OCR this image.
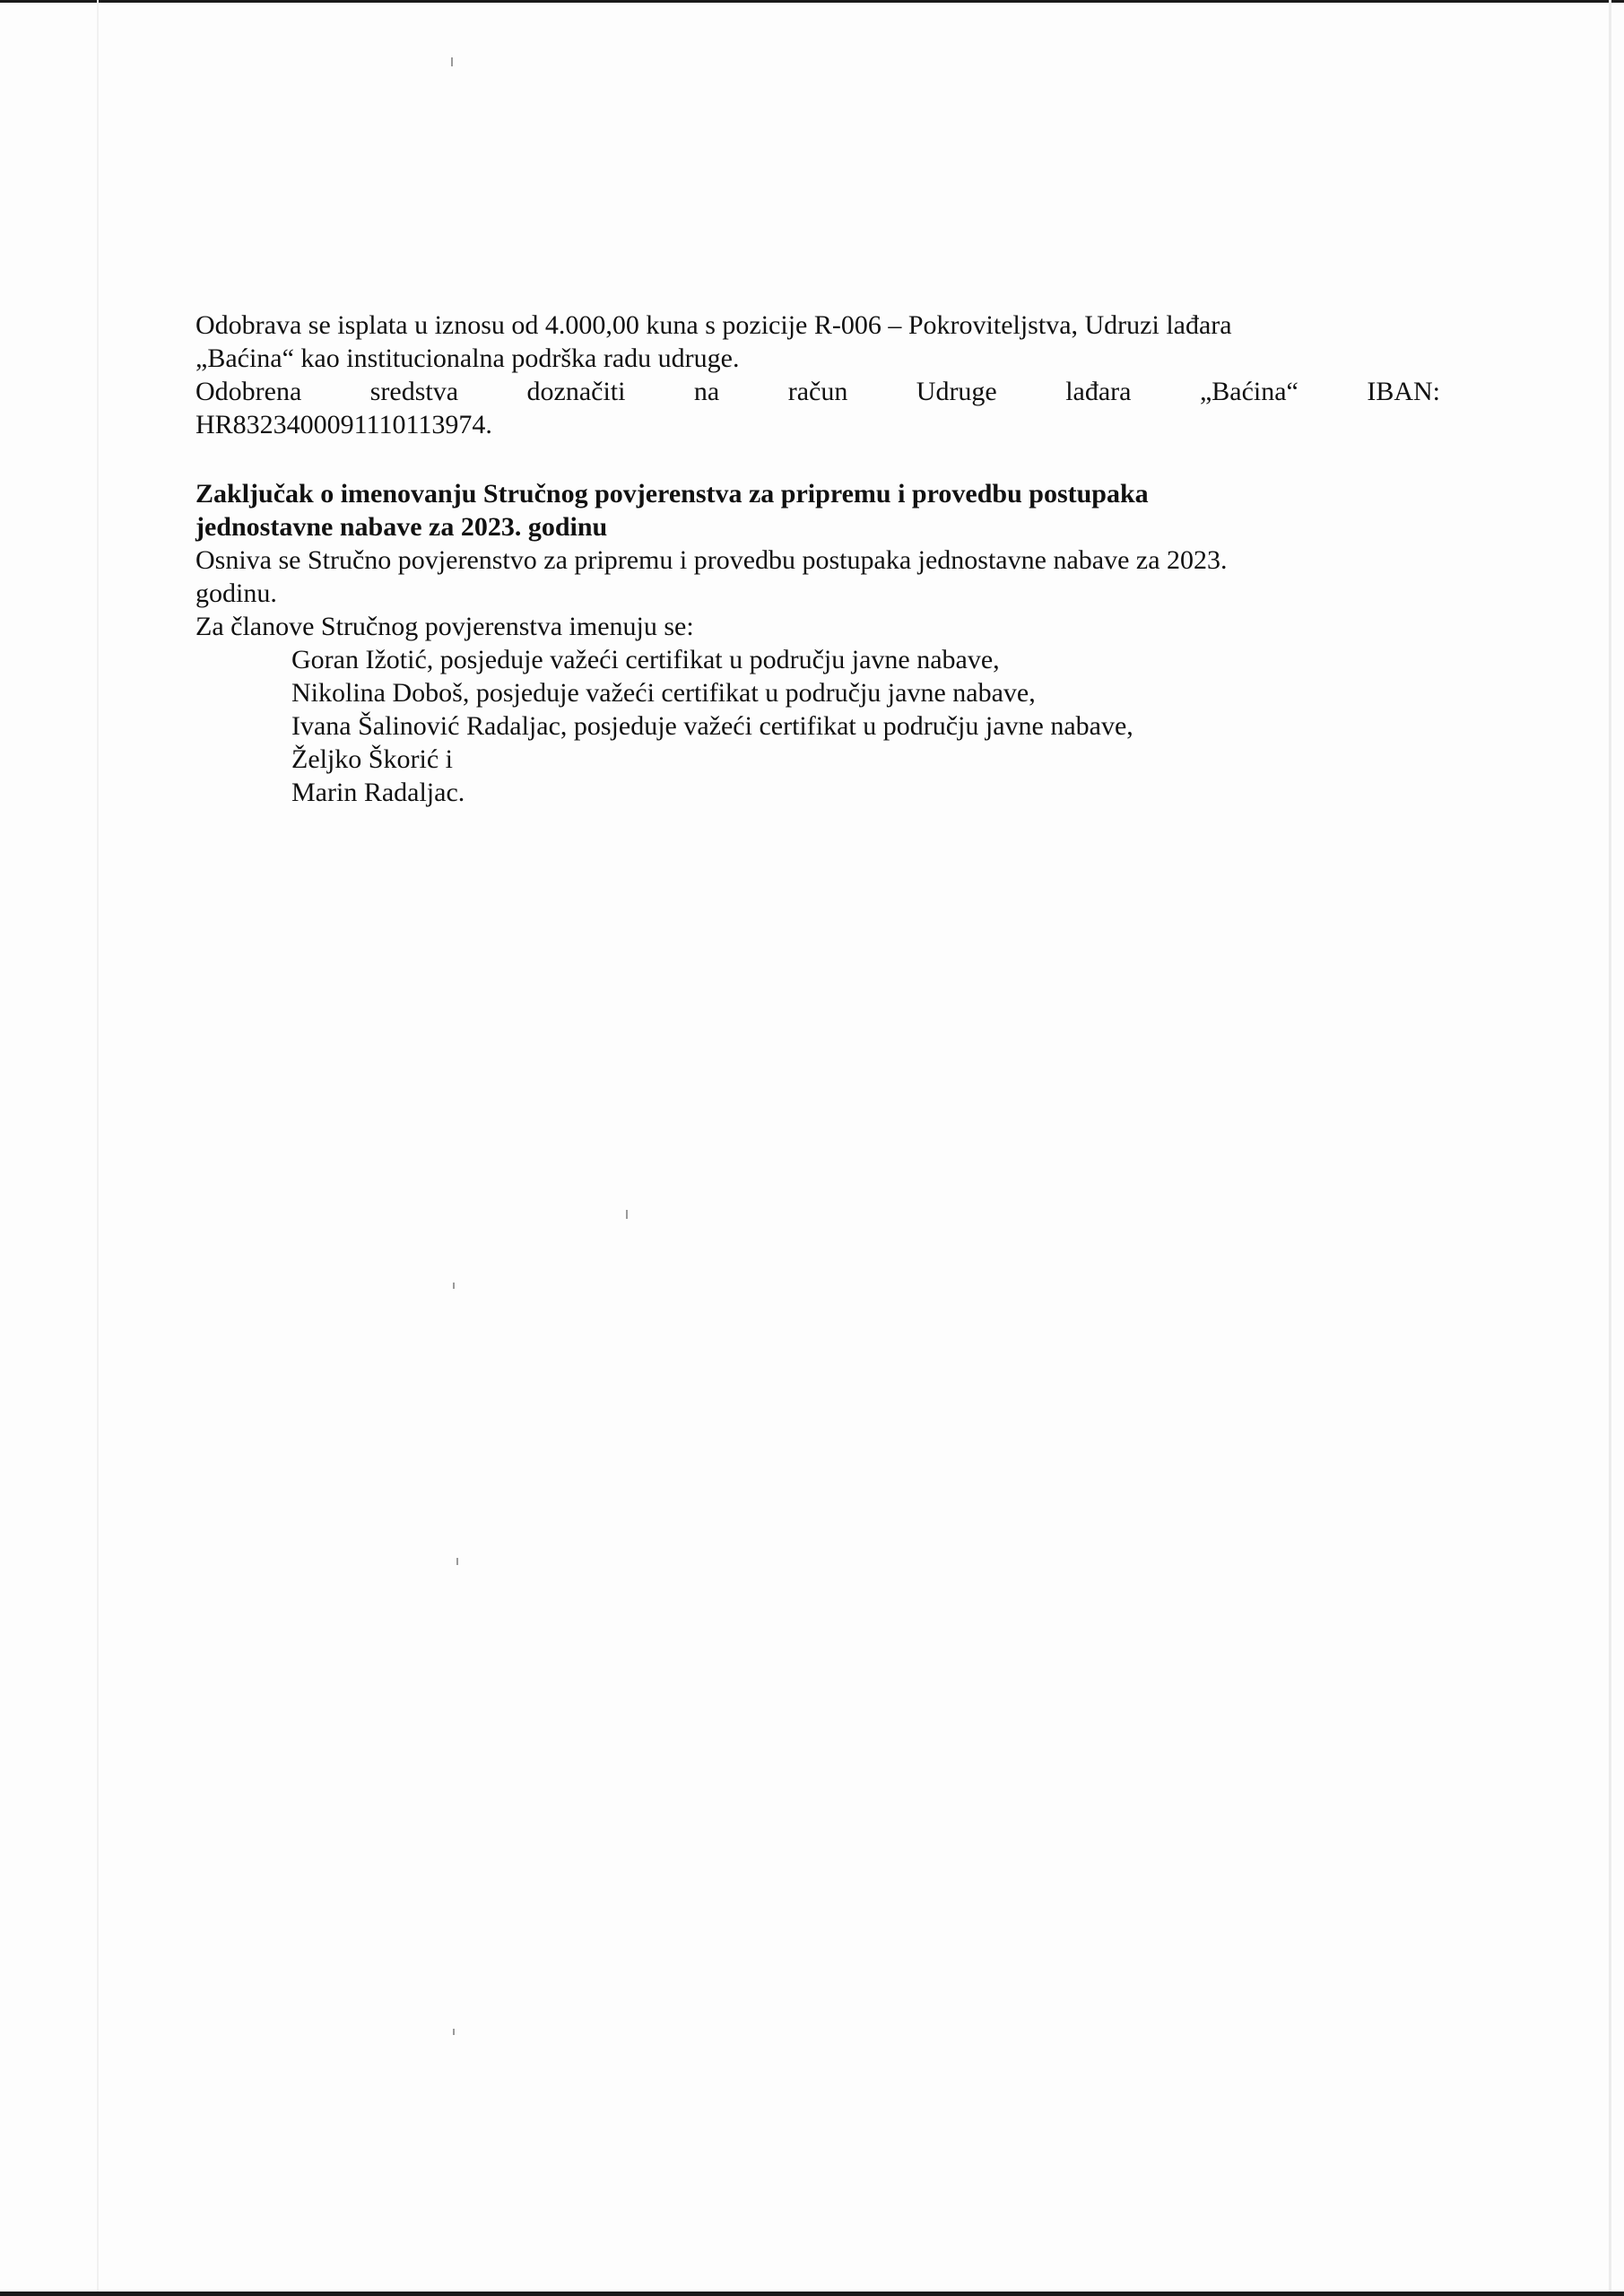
Odobrava se isplata u iznosu od 4.000,00 kuna s pozicije R-006 – Pokroviteljstva, Udruzi lađara
„Baćina“ kao institucionalna podrška radu udruge.
Odobrena	sredstva	doznačiti	na	račun	Udruge	lađara	„Baćina“	IBAN:
HR8323400091110113974.
Zaključak o imenovanju Stručnog povjerenstva za pripremu i provedbu postupaka
jednostavne nabave za 2023. godinu
Osniva se Stručno povjerenstvo za pripremu i provedbu postupaka jednostavne nabave za 2023.
godinu.
Za članove Stručnog povjerenstva imenuju se:
Goran Ižotić, posjeduje važeći certifikat u području javne nabave,
Nikolina Doboš, posjeduje važeći certifikat u području javne nabave,
Ivana Šalinović Radaljac, posjeduje važeći certifikat u području javne nabave,
Željko Škorić i
Marin Radaljac.
